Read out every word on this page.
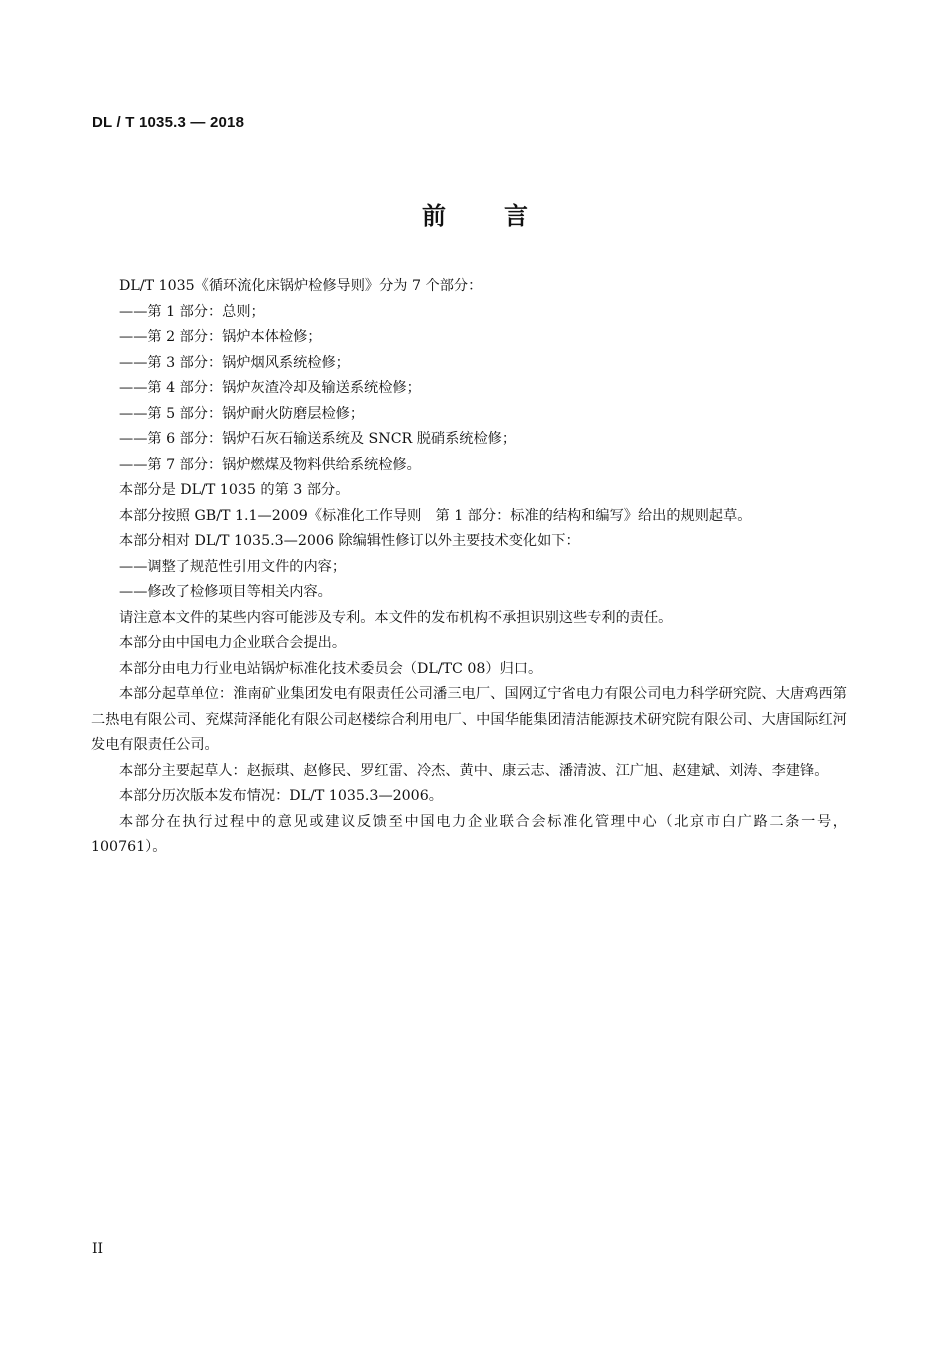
DL / T 1035.3 — 2018
前 言

DL/T 1035《循环流化床锅炉检修导则》分为 7 个部分：

——第 1 部分：总则；

——第 2 部分：锅炉本体检修；

——第 3 部分：锅炉烟风系统检修；

——第 4 部分：锅炉灰渣冷却及输送系统检修；

——第 5 部分：锅炉耐火防磨层检修；

——第 6 部分：锅炉石灰石输送系统及 SNCR 脱硝系统检修；

——第 7 部分：锅炉燃煤及物料供给系统检修。

本部分是 DL/T 1035 的第 3 部分。

本部分按照 GB/T 1.1—2009《标准化工作导则　第 1 部分：标准的结构和编写》给出的规则起草。

本部分相对 DL/T 1035.3—2006 除编辑性修订以外主要技术变化如下：

——调整了规范性引用文件的内容；

——修改了检修项目等相关内容。

请注意本文件的某些内容可能涉及专利。本文件的发布机构不承担识别这些专利的责任。

本部分由中国电力企业联合会提出。

本部分由电力行业电站锅炉标准化技术委员会（DL/TC 08）归口。

本部分起草单位：淮南矿业集团发电有限责任公司潘三电厂、国网辽宁省电力有限公司电力科学研究院、大唐鸡西第二热电有限公司、兖煤菏泽能化有限公司赵楼综合利用电厂、中国华能集团清洁能源技术研究院有限公司、大唐国际红河发电有限责任公司。

本部分主要起草人：赵振琪、赵修民、罗红雷、冷杰、黄中、康云志、潘清波、江广旭、赵建斌、刘涛、李建锋。

本部分历次版本发布情况：DL/T 1035.3—2006。

本部分在执行过程中的意见或建议反馈至中国电力企业联合会标准化管理中心（北京市白广路二条一号，100761）。

II
